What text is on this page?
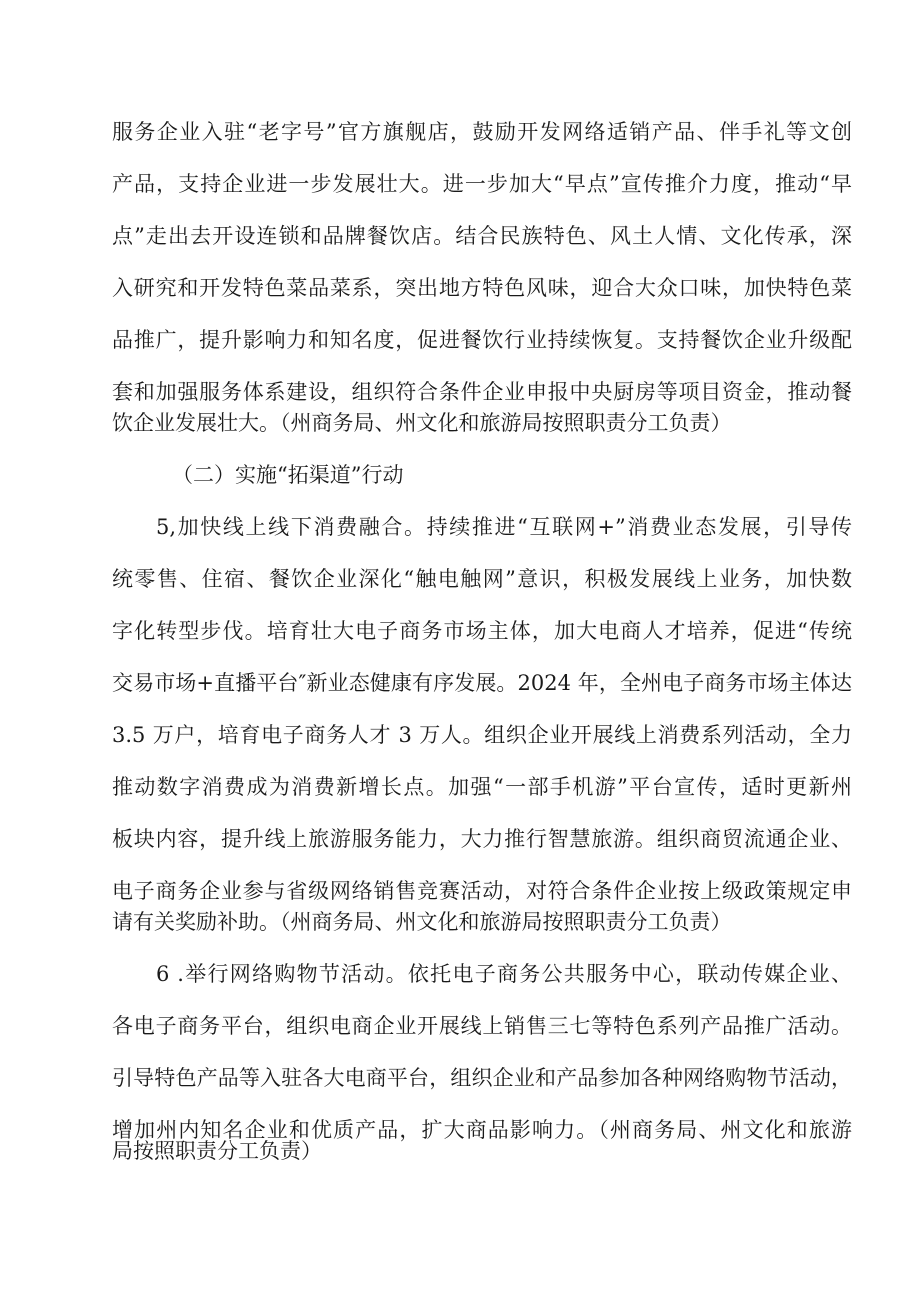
服务企业入驻“老字号”官方旗舰店，鼓励开发网络适销产品、伴手礼等文创
产品，支持企业进一步发展壮大。进一步加大“早点”宣传推介力度，推动“早
点”走出去开设连锁和品牌餐饮店。结合民族特色、风土人情、文化传承，深
入研究和开发特色菜品菜系，突出地方特色风味，迎合大众口味，加快特色菜
品推广，提升影响力和知名度，促进餐饮行业持续恢复。支持餐饮企业升级配
套和加强服务体系建设，组织符合条件企业申报中央厨房等项目资金，推动餐
饮企业发展壮大。（州商务局、州文化和旅游局按照职责分工负责）
（二）实施“拓渠道”行动
5,加快线上线下消费融合。持续推进“互联网+”消费业态发展，引导传
统零售、住宿、餐饮企业深化“触电触网”意识，积极发展线上业务，加快数
字化转型步伐。培育壮大电子商务市场主体，加大电商人才培养，促进“传统
交易市场+直播平台″新业态健康有序发展。2024 年，全州电子商务市场主体达
3.5 万户，培育电子商务人才 3 万人。组织企业开展线上消费系列活动，全力
推动数字消费成为消费新增长点。加强“一部手机游”平台宣传，适时更新州
板块内容，提升线上旅游服务能力，大力推行智慧旅游。组织商贸流通企业、
电子商务企业参与省级网络销售竞赛活动，对符合条件企业按上级政策规定申
请有关奖励补助。（州商务局、州文化和旅游局按照职责分工负责）
6 .举行网络购物节活动。依托电子商务公共服务中心，联动传媒企业、
各电子商务平台，组织电商企业开展线上销售三七等特色系列产品推广活动。
引导特色产品等入驻各大电商平台，组织企业和产品参加各种网络购物节活动，
增加州内知名企业和优质产品，扩大商品影响力。（州商务局、州文化和旅游
局按照职责分工负责）
